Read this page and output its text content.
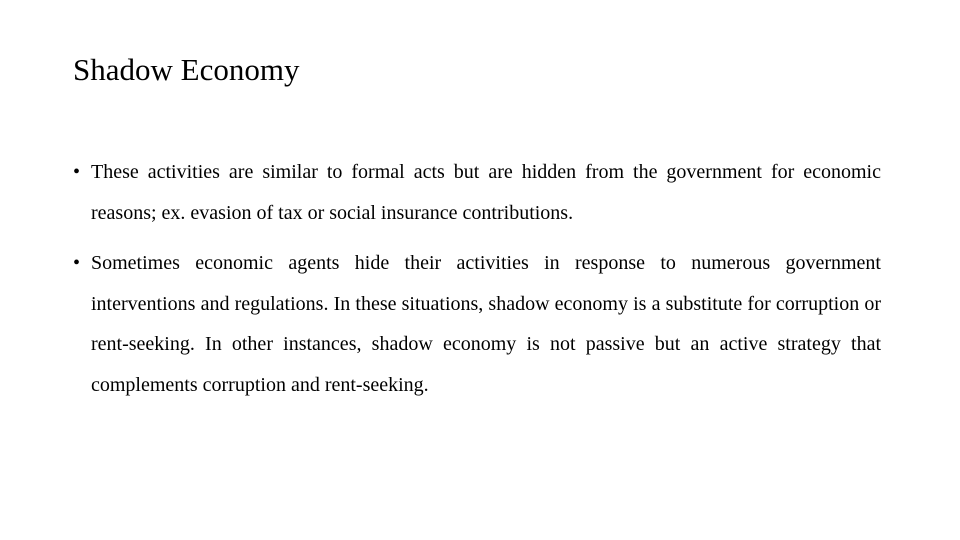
Shadow Economy
• These activities are similar to formal acts but are hidden from the government for economic reasons; ex. evasion of tax or social insurance contributions.
• Sometimes economic agents hide their activities in response to numerous government interventions and regulations. In these situations, shadow economy is a substitute for corruption or rent-seeking. In other instances, shadow economy is not passive but an active strategy that complements corruption and rent-seeking.
